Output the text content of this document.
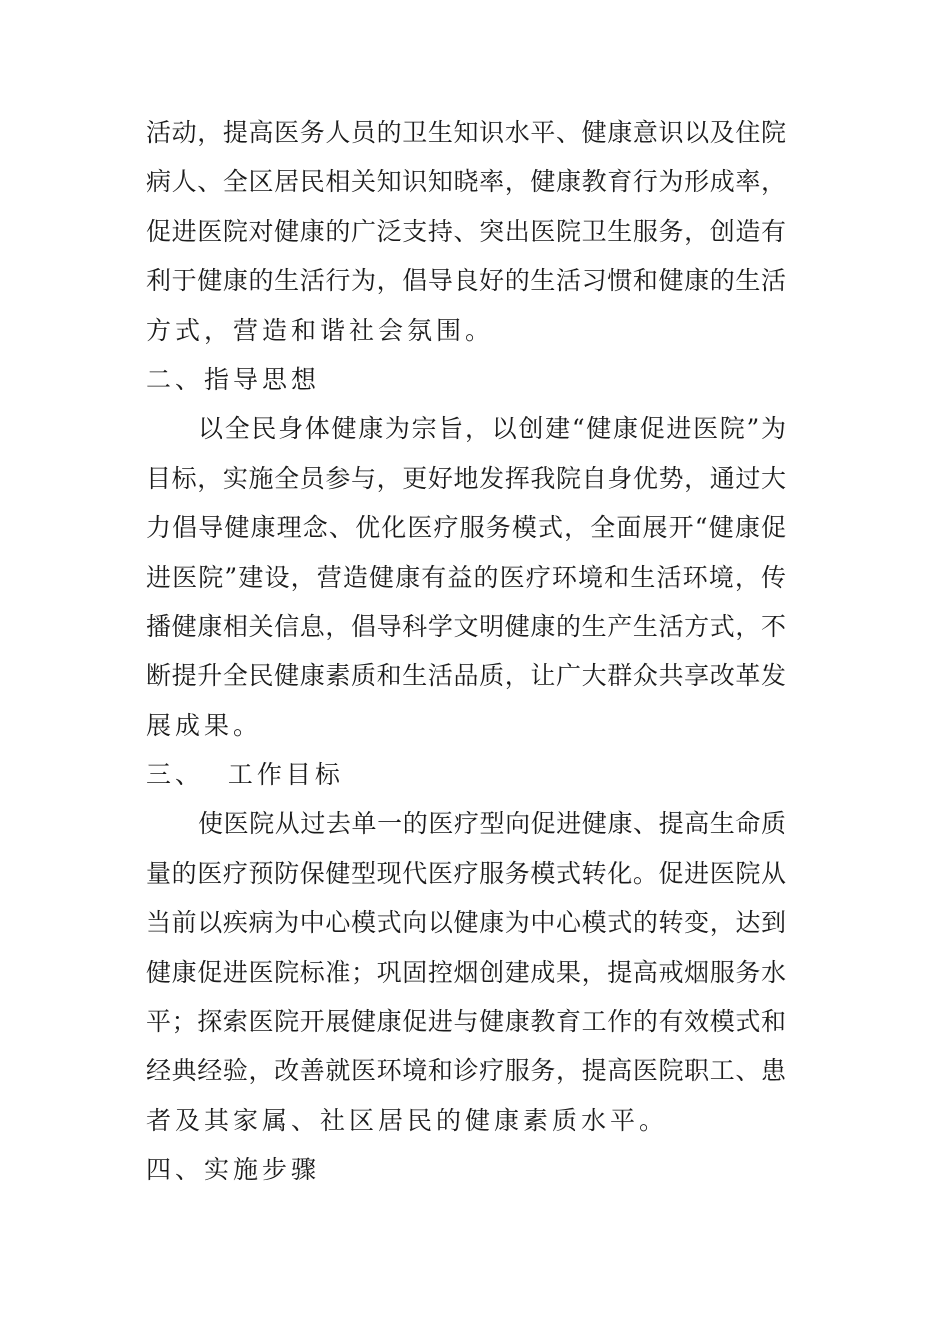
活动，提高医务人员的卫生知识水平、健康意识以及住院
病人、全区居民相关知识知晓率，健康教育行为形成率，
促进医院对健康的广泛支持、突出医院卫生服务，创造有
利于健康的生活行为，倡导良好的生活习惯和健康的生活
方式，营造和谐社会氛围。
二、指导思想
以全民身体健康为宗旨，以创建“健康促进医院”为
目标，实施全员参与，更好地发挥我院自身优势，通过大
力倡导健康理念、优化医疗服务模式，全面展开“健康促
进医院”建设，营造健康有益的医疗环境和生活环境，传
播健康相关信息，倡导科学文明健康的生产生活方式，不
断提升全民健康素质和生活品质，让广大群众共享改革发
展成果。
三、  工作目标
使医院从过去单一的医疗型向促进健康、提高生命质
量的医疗预防保健型现代医疗服务模式转化。促进医院从
当前以疾病为中心模式向以健康为中心模式的转变，达到
健康促进医院标准；巩固控烟创建成果，提高戒烟服务水
平；探索医院开展健康促进与健康教育工作的有效模式和
经典经验，改善就医环境和诊疗服务，提高医院职工、患
者及其家属、社区居民的健康素质水平。
四、实施步骤
